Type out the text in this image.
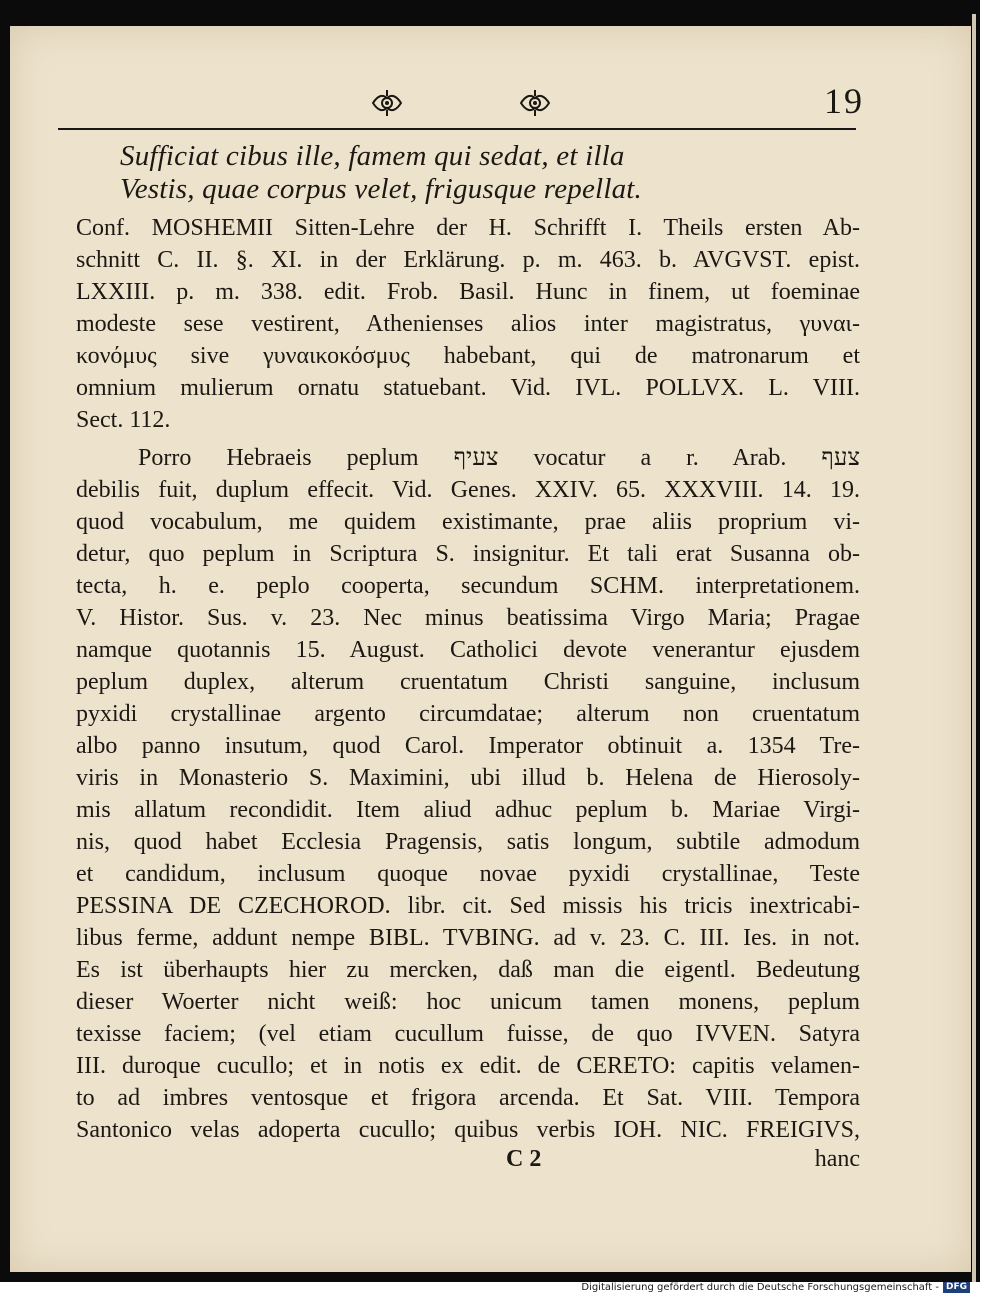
19

Sufficiat cibus ille, famem qui sedat, et illa

Vestis, quae corpus velet, frigusque repellat.

Conf. MOSHEMII Sitten-Lehre der H. Schrifft I. Theils ersten Ab-
schnitt C. II. §. XI. in der Erklärung. p. m. 463. b. AVGVST. epist.
LXXIII. p. m. 338. edit. Frob. Basil. Hunc in finem, ut foeminae
modeste sese vestirent, Athenienses alios inter magistratus, γυναι-
κονόμυς sive γυναικοκόσμυς habebant, qui de matronarum et
omnium mulierum ornatu statuebant. Vid. IVL. POLLVX. L. VIII.
Sect. 112.
Porro Hebraeis peplum צעיף vocatur a r. Arab. צעף
debilis fuit, duplum effecit. Vid. Genes. XXIV. 65. XXXVIII. 14. 19.
quod vocabulum, me quidem existimante, prae aliis proprium vi-
detur, quo peplum in Scriptura S. insignitur. Et tali erat Susanna ob-
tecta, h. e. peplo cooperta, secundum SCHM. interpretationem.
V. Histor. Sus. v. 23. Nec minus beatissima Virgo Maria; Pragae
namque quotannis 15. August. Catholici devote venerantur ejusdem
peplum duplex, alterum cruentatum Christi sanguine, inclusum
pyxidi crystallinae argento circumdatae; alterum non cruentatum
albo panno insutum, quod Carol. Imperator obtinuit a. 1354 Tre-
viris in Monasterio S. Maximini, ubi illud b. Helena de Hierosoly-
mis allatum recondidit. Item aliud adhuc peplum b. Mariae Virgi-
nis, quod habet Ecclesia Pragensis, satis longum, subtile admodum
et candidum, inclusum quoque novae pyxidi crystallinae, Teste
PESSINA DE CZECHOROD. libr. cit. Sed missis his tricis inextricabi-
libus ferme, addunt nempe BIBL. TVBING. ad v. 23. C. III. Ies. in not.
Es ist überhaupts hier zu mercken, daß man die eigentl. Bedeutung
dieser Woerter nicht weiß: hoc unicum tamen monens, peplum
texisse faciem; (vel etiam cucullum fuisse, de quo IVVEN. Satyra
III. duroque cucullo; et in notis ex edit. de CERETO: capitis velamen-
to ad imbres ventosque et frigora arcenda. Et Sat. VIII. Tempora
Santonico velas adoperta cucullo; quibus verbis IOH. NIC. FREIGIVS,
C 2	hanc
Digitalisierung gefördert durch die Deutsche Forschungsgemeinschaft - DFG
